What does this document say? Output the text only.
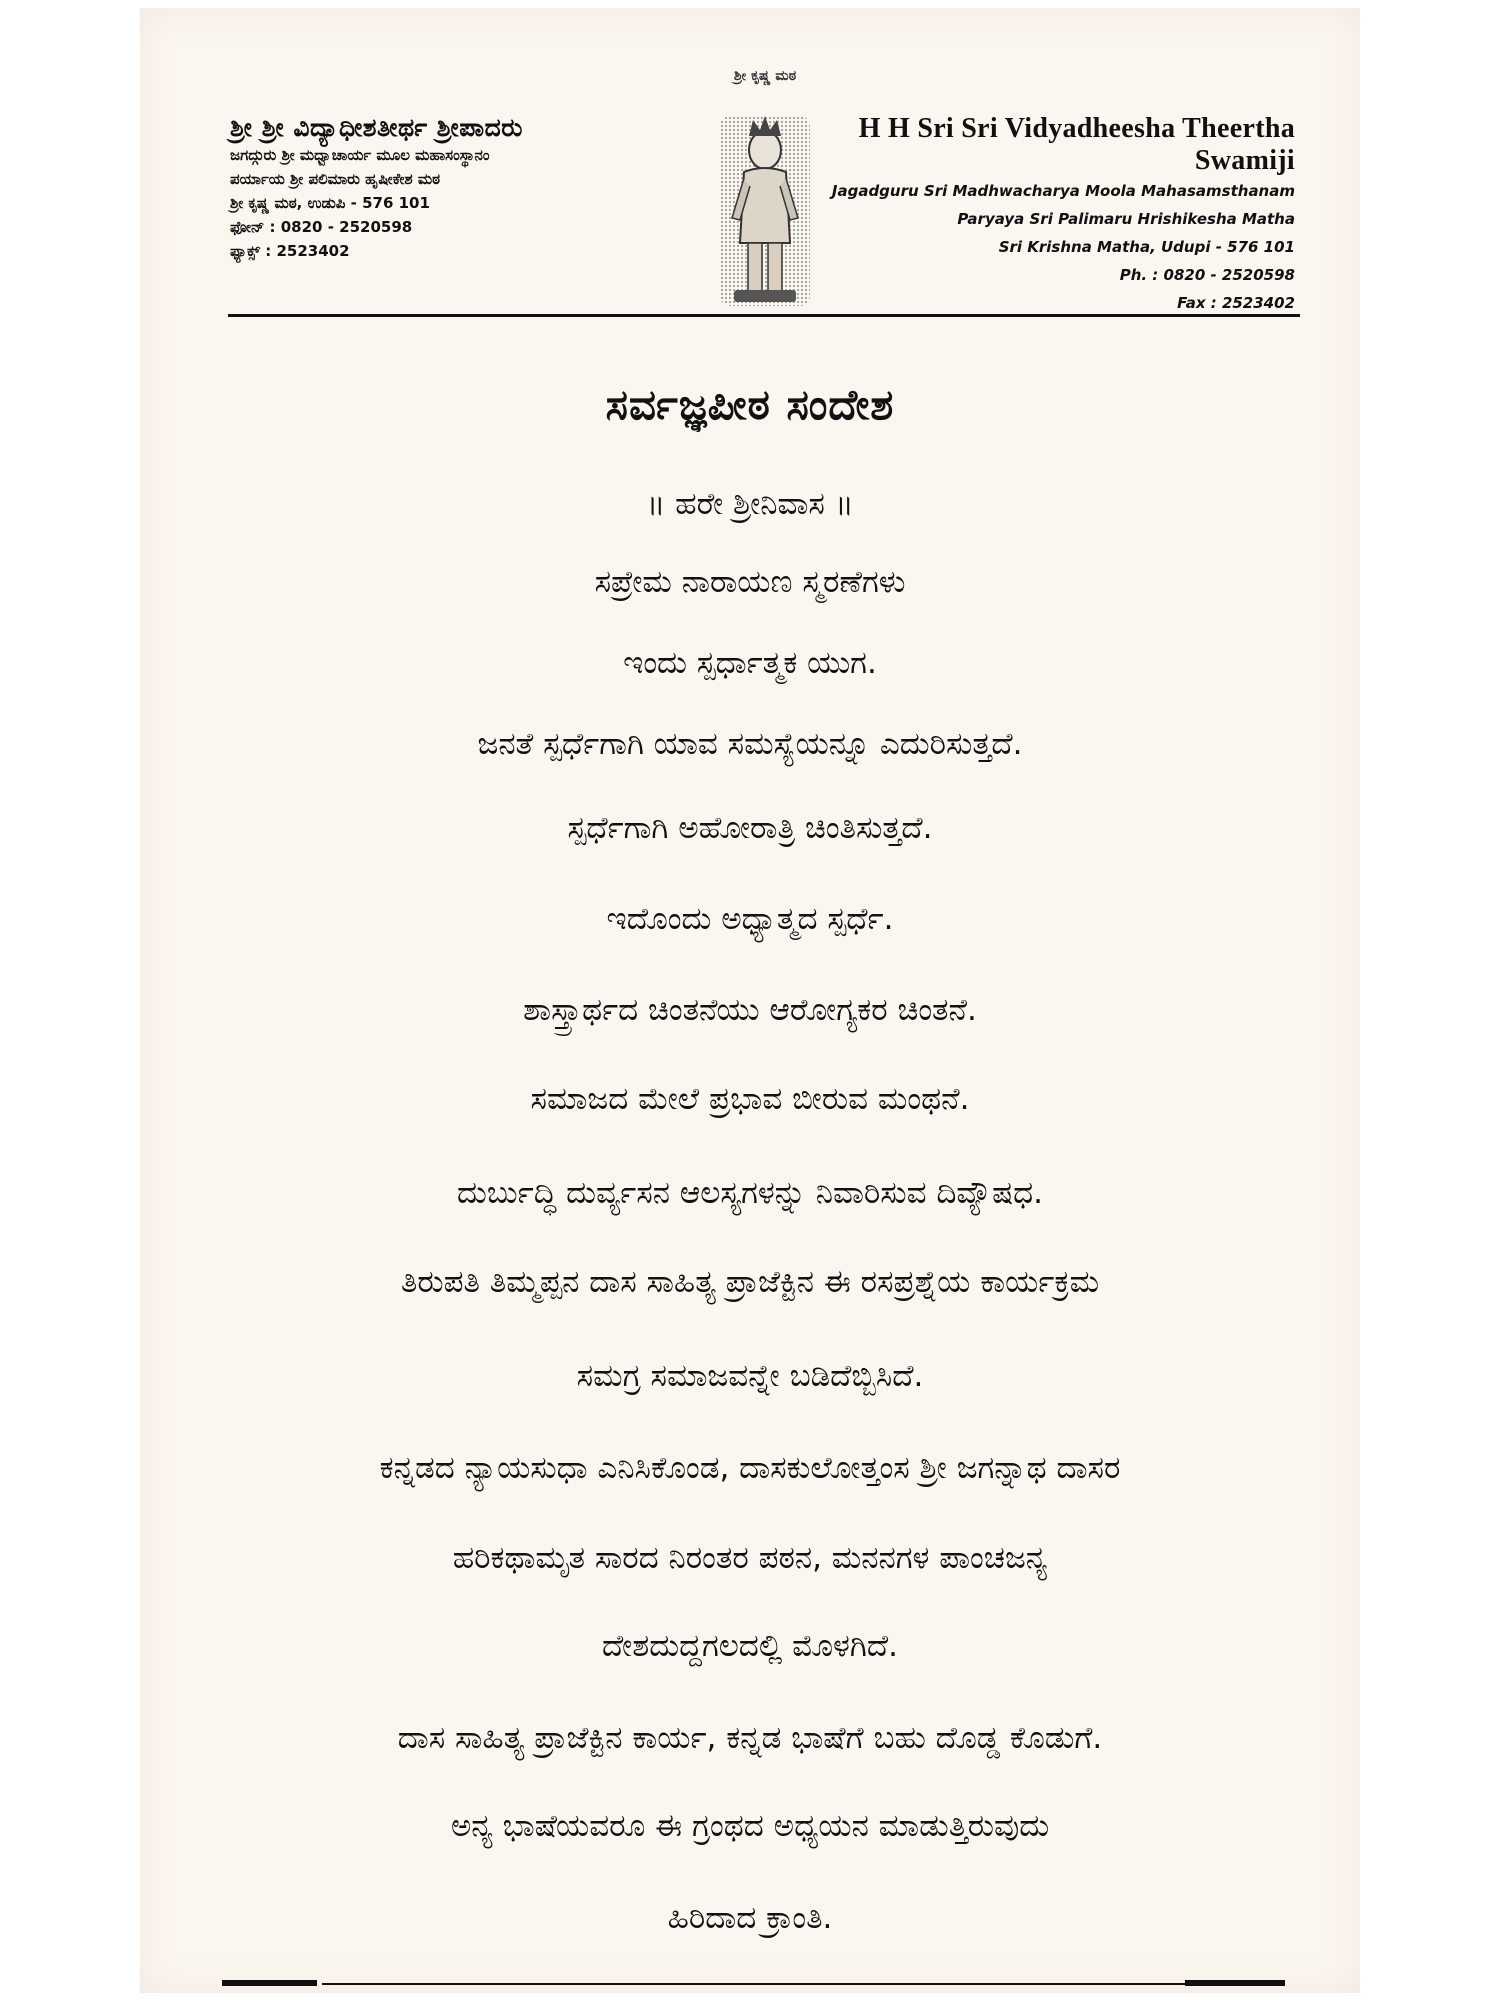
ಶ್ರೀ ಶ್ರೀ ವಿದ್ಯಾಧೀಶತೀರ್ಥ ಶ್ರೀಪಾದರು
ಜಗದ್ಗುರು ಶ್ರೀ ಮಧ್ವಾಚಾರ್ಯ ಮೂಲ ಮಹಾಸಂಸ್ಥಾನಂ
ಪರ್ಯಾಯ ಶ್ರೀ ಪಲಿಮಾರು ಹೃಷೀಕೇಶ ಮಠ
ಶ್ರೀ ಕೃಷ್ಣ ಮಠ, ಉಡುಪಿ - 576 101
ಫೋನ್ : 0820 - 2520598
ಫ್ಯಾಕ್ಸ್ : 2523402
ಶ್ರೀ ಕೃಷ್ಣ ಮಠ
H H Sri Sri Vidyadheesha Theertha Swamiji
Jagadguru Sri Madhwacharya Moola Mahasamsthanam
Paryaya Sri Palimaru Hrishikesha Matha
Sri Krishna Matha, Udupi - 576 101
Ph. : 0820 - 2520598
Fax : 2523402
ಸರ್ವಜ್ಞಪೀಠ ಸಂದೇಶ
॥ ಹರೇ ಶ್ರೀನಿವಾಸ ॥
ಸಪ್ರೇಮ ನಾರಾಯಣ ಸ್ಮರಣೆಗಳು
ಇಂದು ಸ್ಪರ್ಧಾತ್ಮಕ ಯುಗ.
ಜನತೆ ಸ್ಪರ್ಧೆಗಾಗಿ ಯಾವ ಸಮಸ್ಯೆಯನ್ನೂ ಎದುರಿಸುತ್ತದೆ.
ಸ್ಪರ್ಧೆಗಾಗಿ ಅಹೋರಾತ್ರಿ ಚಿಂತಿಸುತ್ತದೆ.
ಇದೊಂದು ಅಧ್ಯಾತ್ಮದ ಸ್ಪರ್ಧೆ.
ಶಾಸ್ತ್ರಾರ್ಥದ ಚಿಂತನೆಯು ಆರೋಗ್ಯಕರ ಚಿಂತನೆ.
ಸಮಾಜದ ಮೇಲೆ ಪ್ರಭಾವ ಬೀರುವ ಮಂಥನೆ.
ದುರ್ಬುದ್ಧಿ ದುರ್ವ್ಯಸನ ಆಲಸ್ಯಗಳನ್ನು ನಿವಾರಿಸುವ ದಿವ್ಯೌಷಧ.
ತಿರುಪತಿ ತಿಮ್ಮಪ್ಪನ ದಾಸ ಸಾಹಿತ್ಯ ಪ್ರಾಜೆಕ್ಟಿನ ಈ ರಸಪ್ರಶ್ನೆಯ ಕಾರ್ಯಕ್ರಮ
ಸಮಗ್ರ ಸಮಾಜವನ್ನೇ ಬಡಿದೆಬ್ಬಿಸಿದೆ.
ಕನ್ನಡದ ನ್ಯಾಯಸುಧಾ ಎನಿಸಿಕೊಂಡ, ದಾಸಕುಲೋತ್ತಂಸ ಶ್ರೀ ಜಗನ್ನಾಥ ದಾಸರ
ಹರಿಕಥಾಮೃತ ಸಾರದ ನಿರಂತರ ಪಠನ, ಮನನಗಳ ಪಾಂಚಜನ್ಯ
ದೇಶದುದ್ದಗಲದಲ್ಲಿ ಮೊಳಗಿದೆ.
ದಾಸ ಸಾಹಿತ್ಯ ಪ್ರಾಜೆಕ್ಟಿನ ಕಾರ್ಯ, ಕನ್ನಡ ಭಾಷೆಗೆ ಬಹು ದೊಡ್ಡ ಕೊಡುಗೆ.
ಅನ್ಯ ಭಾಷೆಯವರೂ ಈ ಗ್ರಂಥದ ಅಧ್ಯಯನ ಮಾಡುತ್ತಿರುವುದು
ಹಿರಿದಾದ ಕ್ರಾಂತಿ.
